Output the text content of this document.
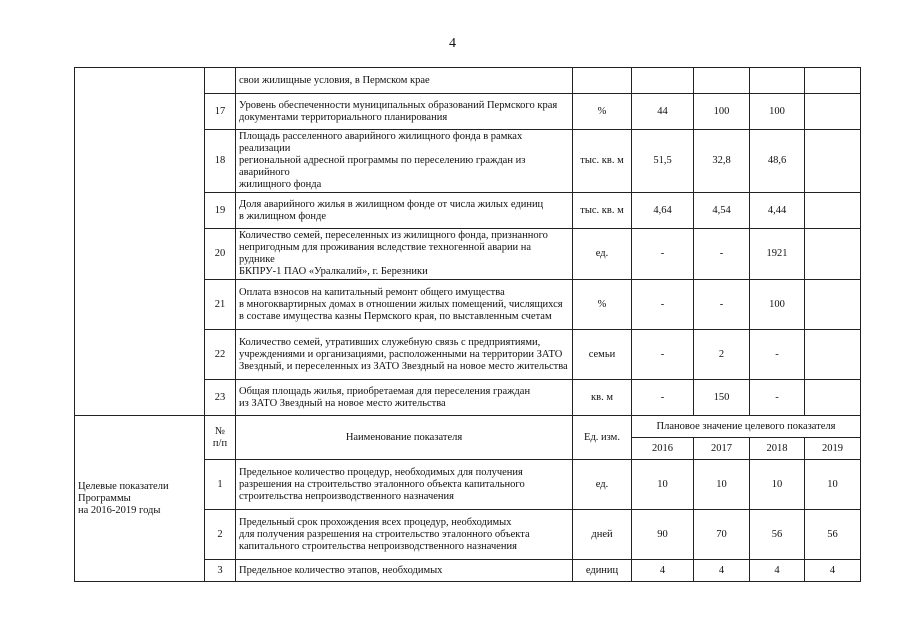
4
		свои жилищные условия, в Пермском крае					
	17	Уровень обеспеченности муниципальных образований Пермского края
документами территориального планирования	%	44	100	100	
	18	Площадь расселенного аварийного жилищного фонда в рамках реализации
региональной адресной программы по переселению граждан из аварийного
жилищного фонда	тыс. кв. м	51,5	32,8	48,6	
	19	Доля аварийного жилья в жилищном фонде от числа жилых единиц
в жилищном фонде	тыс. кв. м	4,64	4,54	4,44	
	20	Количество семей, переселенных из жилищного фонда, признанного
непригодным для проживания вследствие техногенной аварии на руднике
БКПРУ-1 ПАО «Уралкалий», г. Березники	ед.	-	-	1921	
	21	Оплата взносов на капитальный ремонт общего имущества
в многоквартирных домах в отношении жилых помещений, числящихся
в составе имущества казны Пермского края, по выставленным счетам	%	-	-	100	
	22	Количество семей, утративших служебную связь с предприятиями,
учреждениями и организациями, расположенными на территории ЗАТО
Звездный, и переселенных из ЗАТО Звездный на новое место жительства	семьи	-	2	-	
	23	Общая площадь жилья, приобретаемая для переселения граждан
из ЗАТО Звездный на новое место жительства	кв. м	-	150	-	
Целевые показатели
Программы
на 2016-2019 годы	№
п/п	Наименование показателя	Ед. изм.	Плановое значение целевого показателя			
				2016	2017	2018	2019
	1	Предельное количество процедур, необходимых для получения
разрешения на строительство эталонного объекта капитального
строительства непроизводственного назначения	ед.	10	10	10	10
	2	Предельный срок прохождения всех процедур, необходимых
для получения разрешения на строительство эталонного объекта
капитального строительства непроизводственного назначения	дней	90	70	56	56
	3	Предельное количество этапов, необходимых	единиц	4	4	4	4
